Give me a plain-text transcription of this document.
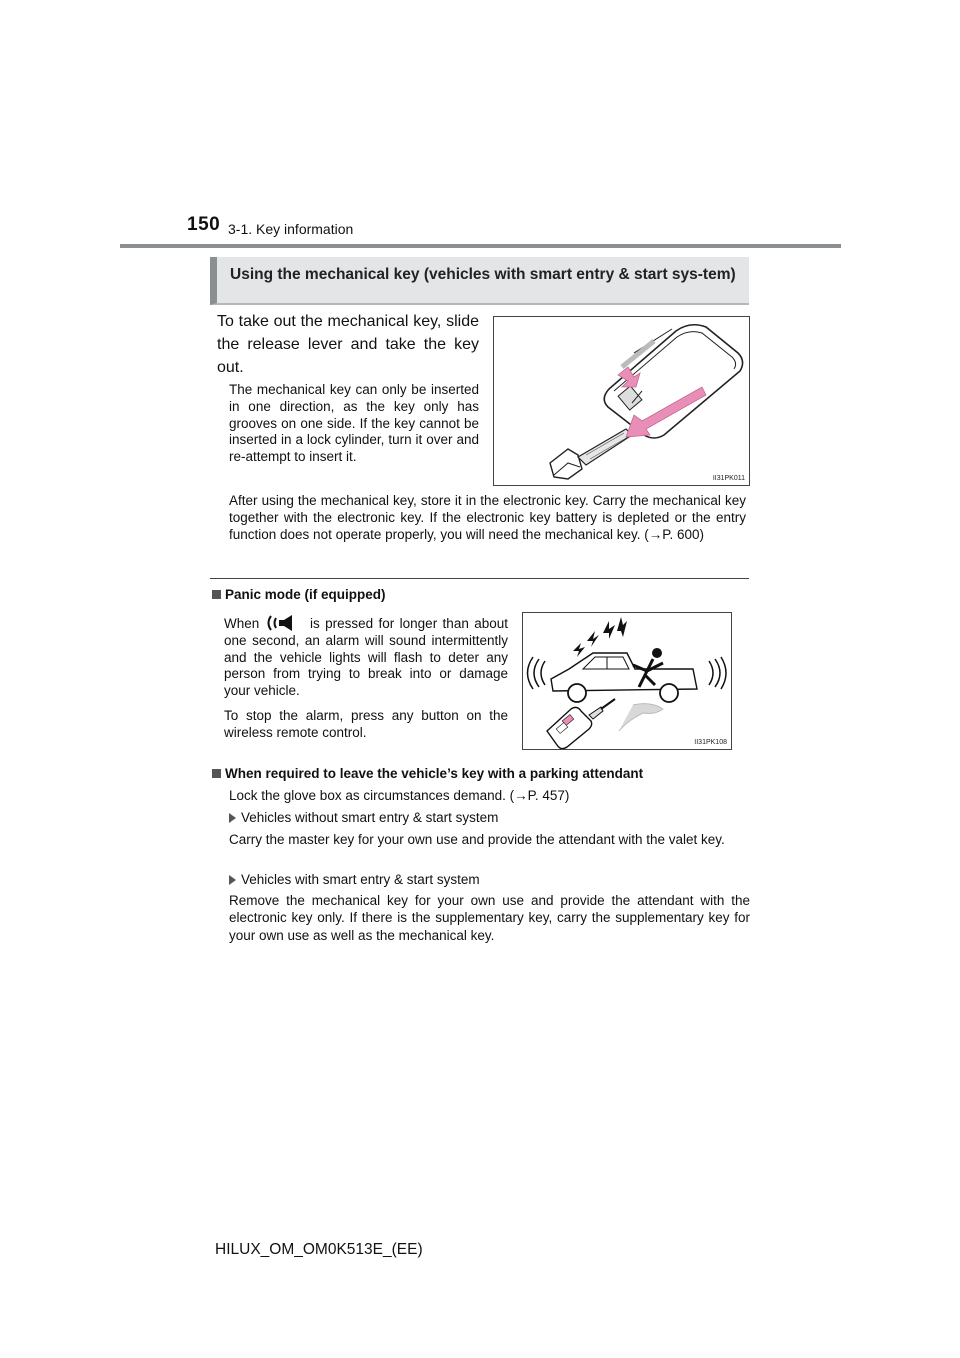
150 3-1. Key information
Using the mechanical key (vehicles with smart entry & start sys-tem)
To take out the mechanical key, slide the release lever and take the key out.
The mechanical key can only be inserted in one direction, as the key only has grooves on one side. If the key cannot be inserted in a lock cylinder, turn it over and re-attempt to insert it.
II31PK011
After using the mechanical key, store it in the electronic key. Carry the mechanical key together with the electronic key. If the electronic key battery is depleted or the entry function does not operate properly, you will need the mechanical key. (→P. 600)
Panic mode (if equipped)
When	is pressed for longer than about one second, an alarm will sound intermittently and the vehicle lights will flash to deter any person from trying to break into or damage your vehicle.
To stop the alarm, press any button on the wireless remote control.
II31PK108
When required to leave the vehicle’s key with a parking attendant
Lock the glove box as circumstances demand. (→P. 457)
Vehicles without smart entry & start system
Carry the master key for your own use and provide the attendant with the valet key.
Vehicles with smart entry & start system
Remove the mechanical key for your own use and provide the attendant with the electronic key only. If there is the supplementary key, carry the supplementary key for your own use as well as the mechanical key.
HILUX_OM_OM0K513E_(EE)
